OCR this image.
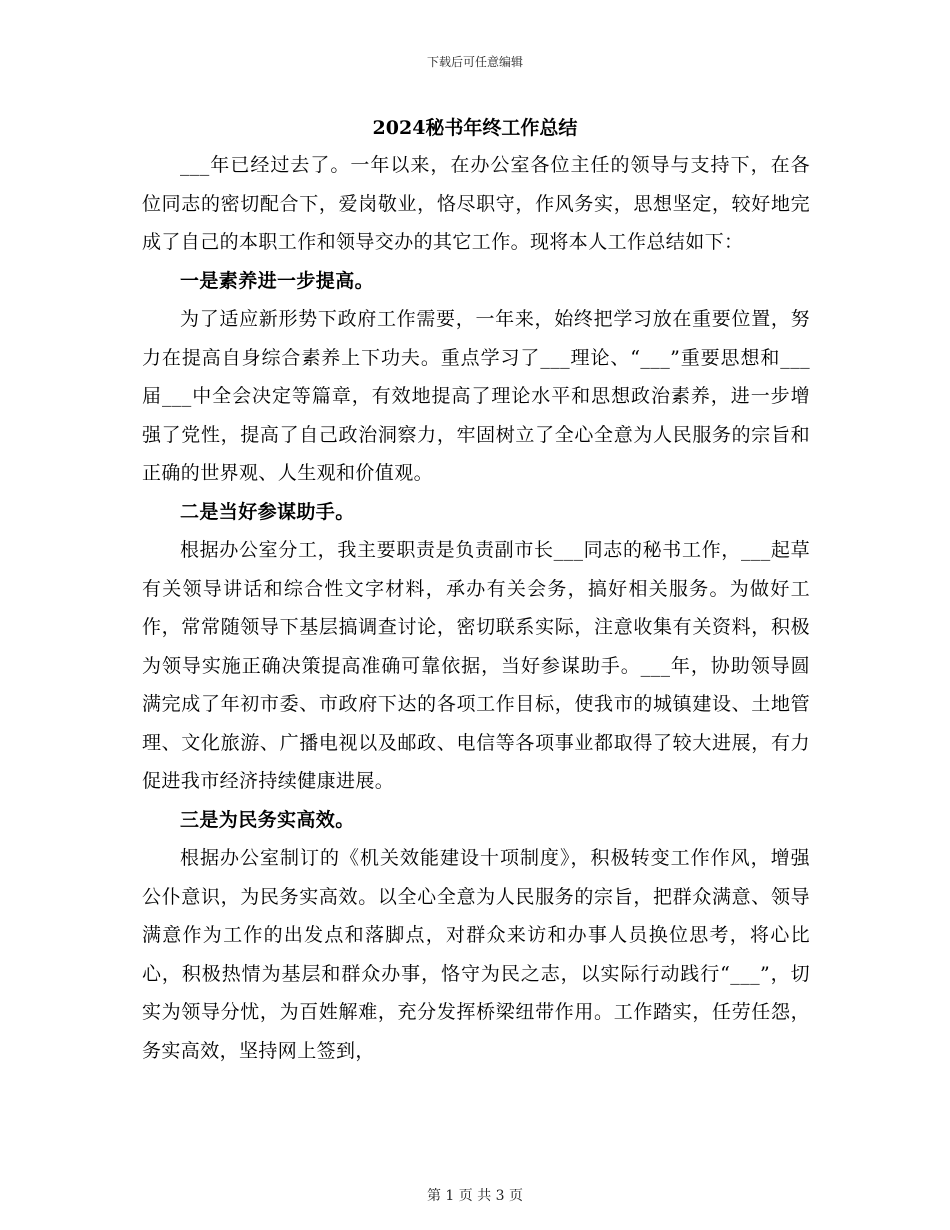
下载后可任意编辑
2024秘书年终工作总结

___年已经过去了。一年以来，在办公室各位主任的领导与支持下，在各位同志的密切配合下，爱岗敬业，恪尽职守，作风务实，思想坚定，较好地完成了自己的本职工作和领导交办的其它工作。现将本人工作总结如下：

一是素养进一步提高。

为了适应新形势下政府工作需要，一年来，始终把学习放在重要位置，努力在提高自身综合素养上下功夫。重点学习了___理论、“___”重要思想和___届___中全会决定等篇章，有效地提高了理论水平和思想政治素养，进一步增强了党性，提高了自己政治洞察力，牢固树立了全心全意为人民服务的宗旨和正确的世界观、人生观和价值观。

二是当好参谋助手。

根据办公室分工，我主要职责是负责副市长___同志的秘书工作，___起草有关领导讲话和综合性文字材料，承办有关会务，搞好相关服务。为做好工作，常常随领导下基层搞调查讨论，密切联系实际，注意收集有关资料，积极为领导实施正确决策提高准确可靠依据，当好参谋助手。___年，协助领导圆满完成了年初市委、市政府下达的各项工作目标，使我市的城镇建设、土地管理、文化旅游、广播电视以及邮政、电信等各项事业都取得了较大进展，有力促进我市经济持续健康进展。

三是为民务实高效。

根据办公室制订的《机关效能建设十项制度》，积极转变工作作风，增强公仆意识，为民务实高效。以全心全意为人民服务的宗旨，把群众满意、领导满意作为工作的出发点和落脚点，对群众来访和办事人员换位思考，将心比心，积极热情为基层和群众办事，恪守为民之志，以实际行动践行“___”，切实为领导分忧，为百姓解难，充分发挥桥梁纽带作用。工作踏实，任劳任怨，务实高效，坚持网上签到，

第 1 页 共 3 页
